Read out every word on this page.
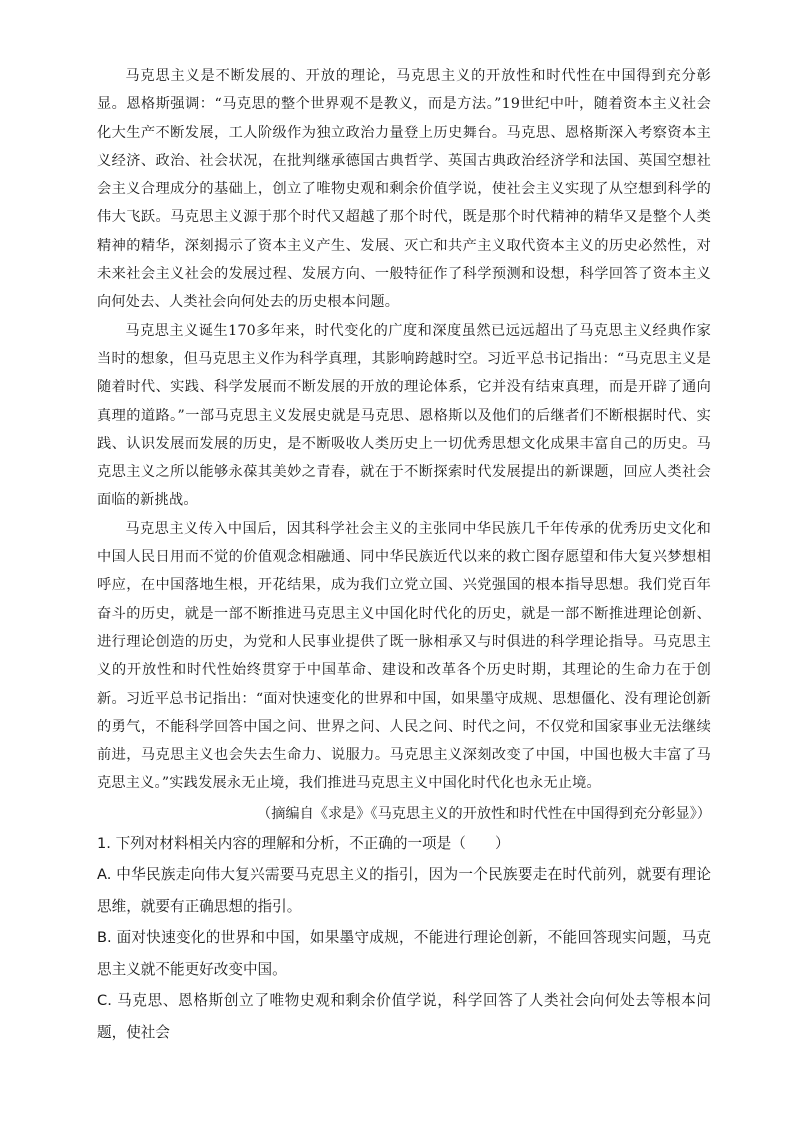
马克思主义是不断发展的、开放的理论，马克思主义的开放性和时代性在中国得到充分彰显。恩格斯强调：“马克思的整个世界观不是教义，而是方法。”19世纪中叶，随着资本主义社会化大生产不断发展，工人阶级作为独立政治力量登上历史舞台。马克思、恩格斯深入考察资本主义经济、政治、社会状况，在批判继承德国古典哲学、英国古典政治经济学和法国、英国空想社会主义合理成分的基础上，创立了唯物史观和剩余价值学说，使社会主义实现了从空想到科学的伟大飞跃。马克思主义源于那个时代又超越了那个时代，既是那个时代精神的精华又是整个人类精神的精华，深刻揭示了资本主义产生、发展、灭亡和共产主义取代资本主义的历史必然性，对未来社会主义社会的发展过程、发展方向、一般特征作了科学预测和设想，科学回答了资本主义向何处去、人类社会向何处去的历史根本问题。

马克思主义诞生170多年来，时代变化的广度和深度虽然已远远超出了马克思主义经典作家当时的想象，但马克思主义作为科学真理，其影响跨越时空。习近平总书记指出：“马克思主义是随着时代、实践、科学发展而不断发展的开放的理论体系，它并没有结束真理，而是开辟了通向真理的道路。”一部马克思主义发展史就是马克思、恩格斯以及他们的后继者们不断根据时代、实践、认识发展而发展的历史，是不断吸收人类历史上一切优秀思想文化成果丰富自己的历史。马克思主义之所以能够永葆其美妙之青春，就在于不断探索时代发展提出的新课题，回应人类社会面临的新挑战。

马克思主义传入中国后，因其科学社会主义的主张同中华民族几千年传承的优秀历史文化和中国人民日用而不觉的价值观念相融通、同中华民族近代以来的救亡图存愿望和伟大复兴梦想相呼应，在中国落地生根，开花结果，成为我们立党立国、兴党强国的根本指导思想。我们党百年奋斗的历史，就是一部不断推进马克思主义中国化时代化的历史，就是一部不断推进理论创新、进行理论创造的历史，为党和人民事业提供了既一脉相承又与时俱进的科学理论指导。马克思主义的开放性和时代性始终贯穿于中国革命、建设和改革各个历史时期，其理论的生命力在于创新。习近平总书记指出：“面对快速变化的世界和中国，如果墨守成规、思想僵化、没有理论创新的勇气，不能科学回答中国之问、世界之问、人民之问、时代之问，不仅党和国家事业无法继续前进，马克思主义也会失去生命力、说服力。马克思主义深刻改变了中国，中国也极大丰富了马克思主义。”实践发展永无止境，我们推进马克思主义中国化时代化也永无止境。

（摘编自《求是》《马克思主义的开放性和时代性在中国得到充分彰显》）

1. 下列对材料相关内容的理解和分析，不正确的一项是（　　）

A. 中华民族走向伟大复兴需要马克思主义的指引，因为一个民族要走在时代前列，就要有理论思维，就要有正确思想的指引。

B. 面对快速变化的世界和中国，如果墨守成规，不能进行理论创新，不能回答现实问题，马克思主义就不能更好改变中国。

C. 马克思、恩格斯创立了唯物史观和剩余价值学说，科学回答了人类社会向何处去等根本问题，使社会
